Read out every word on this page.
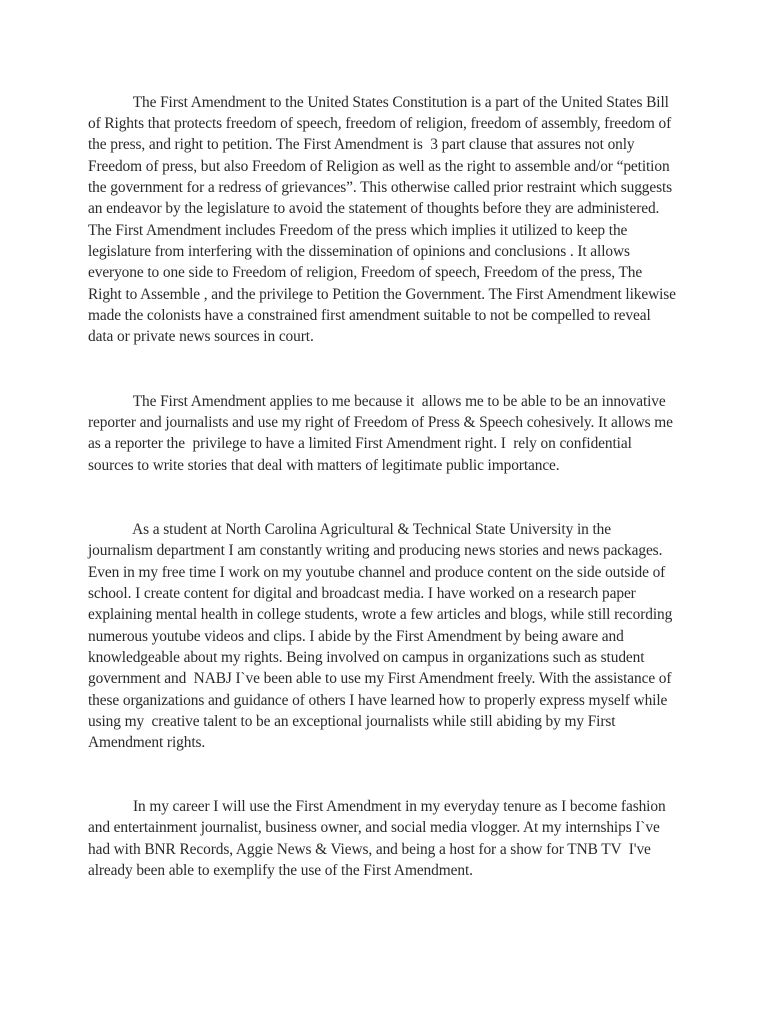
The First Amendment to the United States Constitution is a part of the United States Bill
of Rights that protects freedom of speech, freedom of religion, freedom of assembly, freedom of
the press, and right to petition. The First Amendment is  3 part clause that assures not only
Freedom of press, but also Freedom of Religion as well as the right to assemble and/or “petition
the government for a redress of grievances”. This otherwise called prior restraint which suggests
an endeavor by the legislature to avoid the statement of thoughts before they are administered.
The First Amendment includes Freedom of the press which implies it utilized to keep the
legislature from interfering with the dissemination of opinions and conclusions . It allows
everyone to one side to Freedom of religion, Freedom of speech, Freedom of the press, The
Right to Assemble , and the privilege to Petition the Government. The First Amendment likewise
made the colonists have a constrained first amendment suitable to not be compelled to reveal
data or private news sources in court.
The First Amendment applies to me because it  allows me to be able to be an innovative
reporter and journalists and use my right of Freedom of Press & Speech cohesively. It allows me
as a reporter the  privilege to have a limited First Amendment right. I  rely on confidential
sources to write stories that deal with matters of legitimate public importance.
As a student at North Carolina Agricultural & Technical State University in the
journalism department I am constantly writing and producing news stories and news packages.
Even in my free time I work on my youtube channel and produce content on the side outside of
school. I create content for digital and broadcast media. I have worked on a research paper
explaining mental health in college students, wrote a few articles and blogs, while still recording
numerous youtube videos and clips. I abide by the First Amendment by being aware and
knowledgeable about my rights. Being involved on campus in organizations such as student
government and  NABJ I`ve been able to use my First Amendment freely. With the assistance of
these organizations and guidance of others I have learned how to properly express myself while
using my  creative talent to be an exceptional journalists while still abiding by my First
Amendment rights.
In my career I will use the First Amendment in my everyday tenure as I become fashion
and entertainment journalist, business owner, and social media vlogger. At my internships I`ve
had with BNR Records, Aggie News & Views, and being a host for a show for TNB TV  I've
already been able to exemplify the use of the First Amendment.
